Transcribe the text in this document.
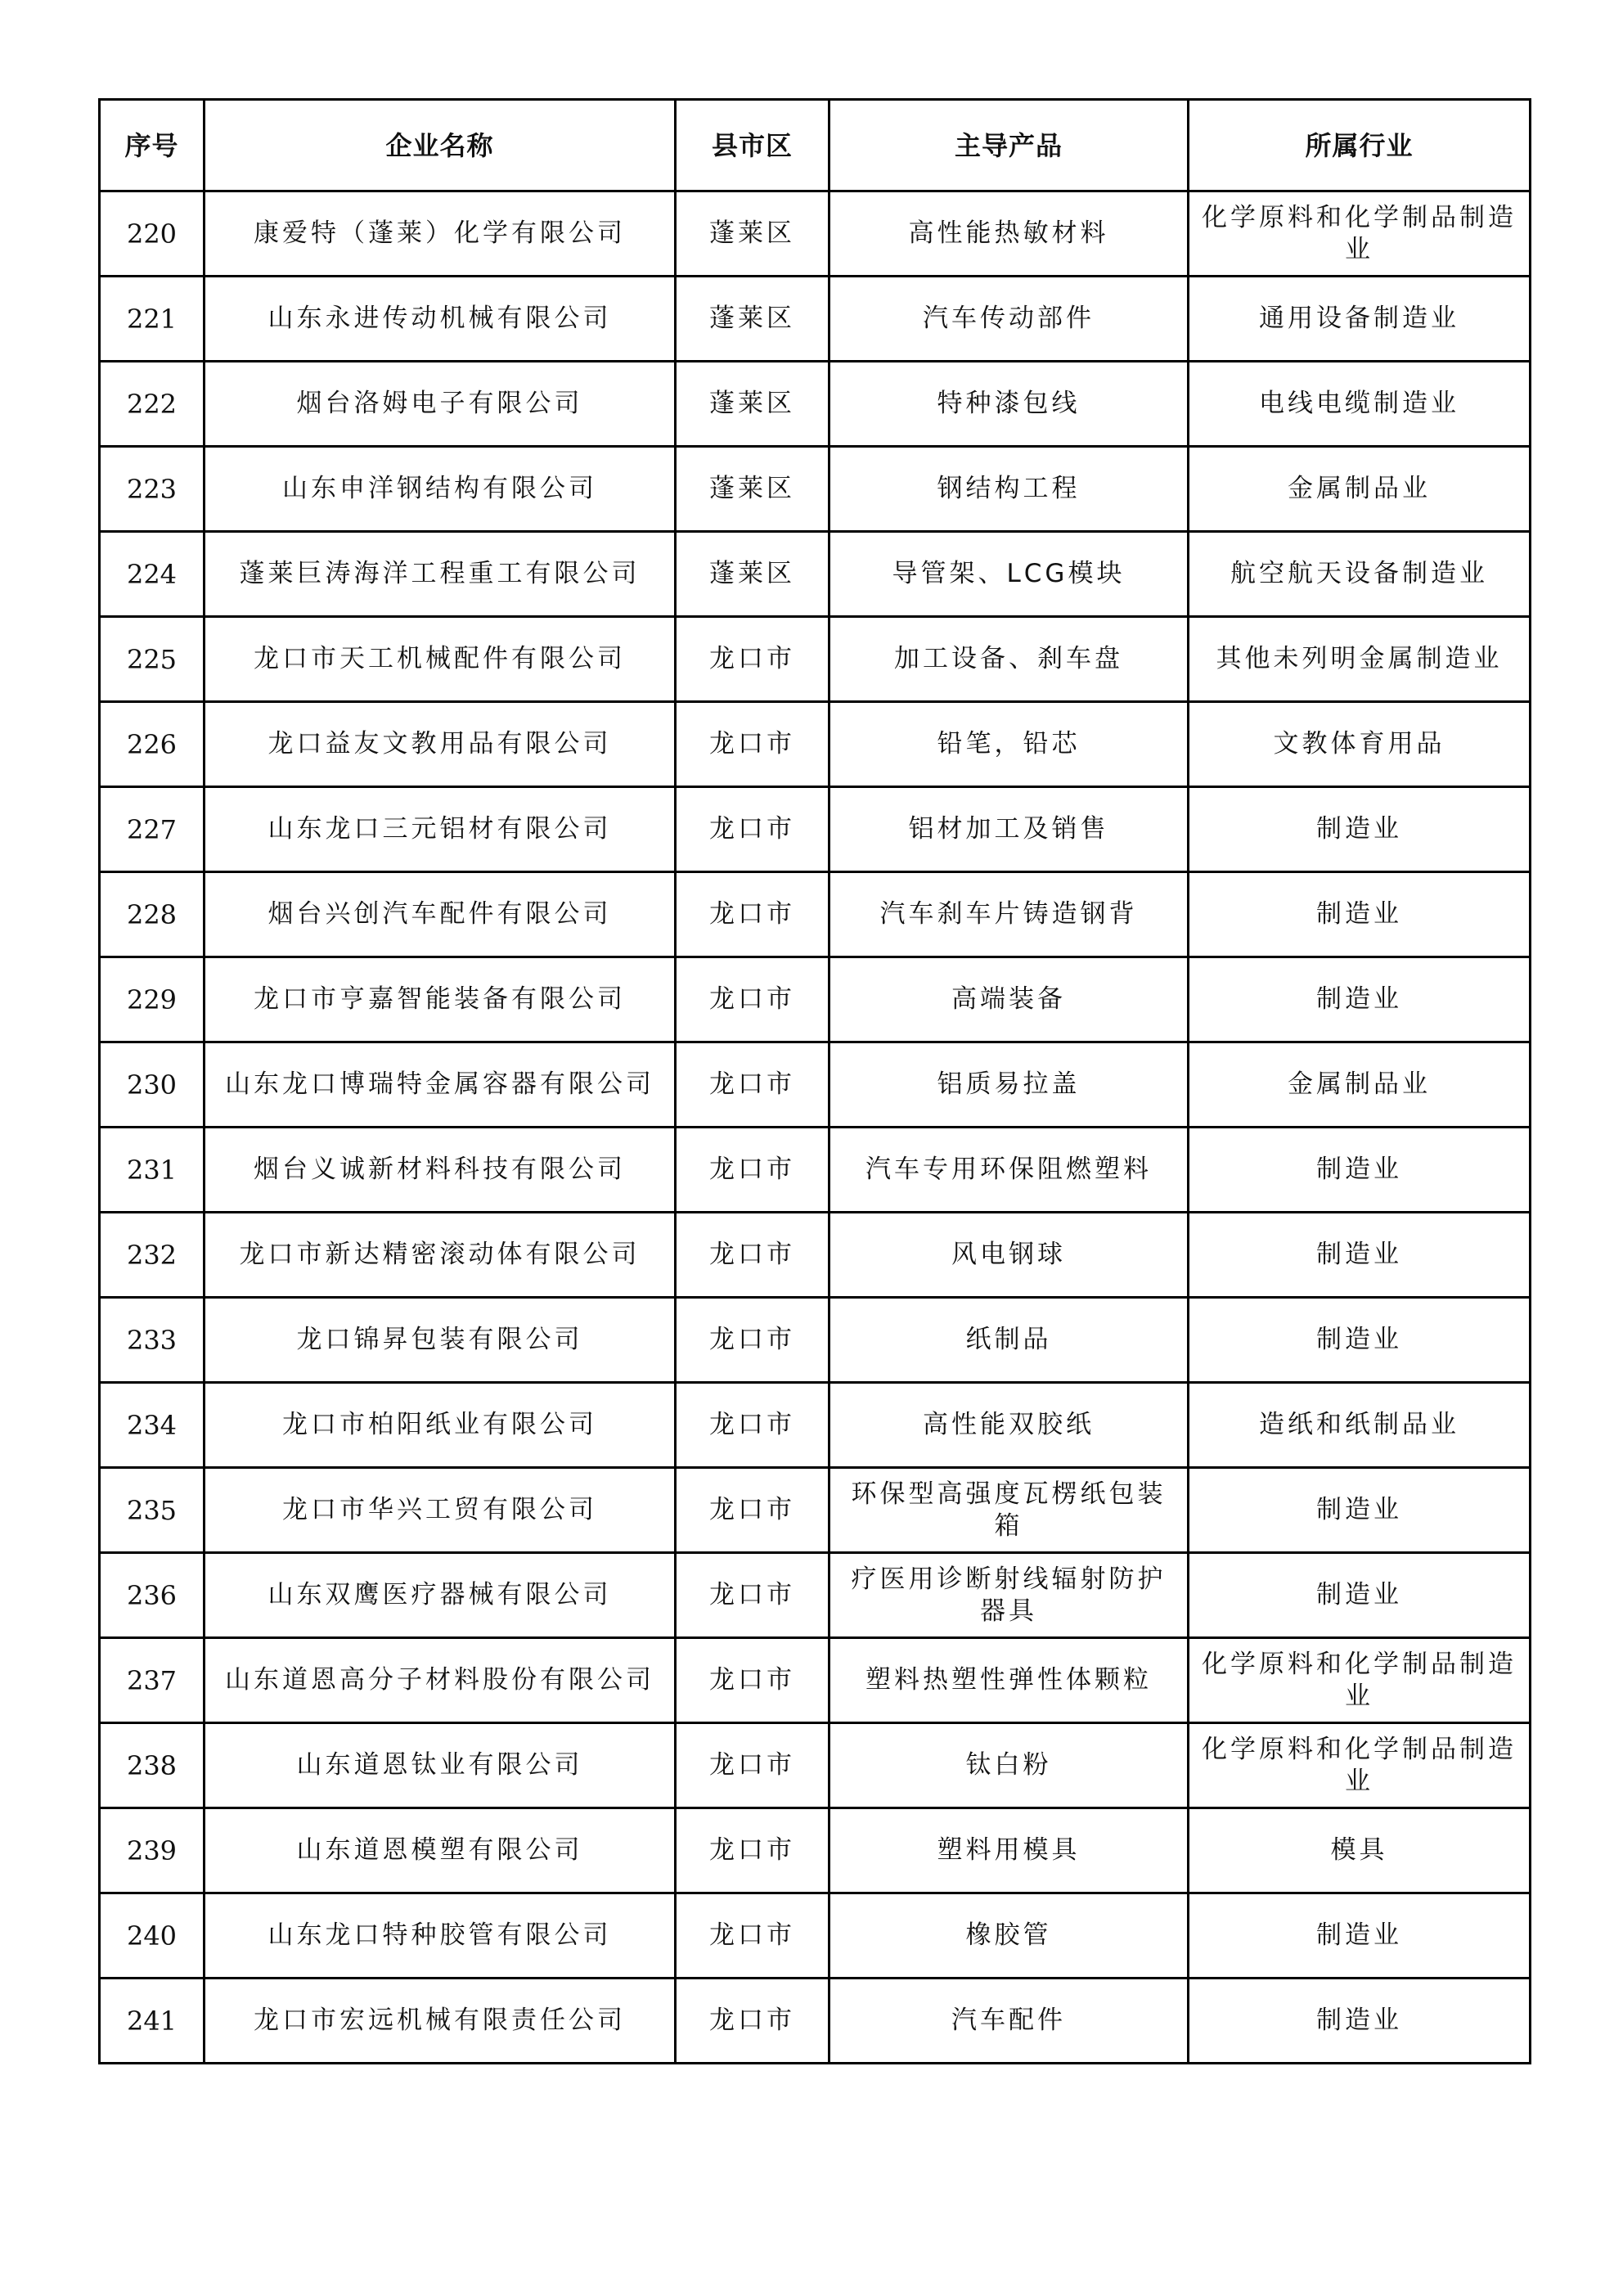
序号	企业名称	县市区	主导产品	所属行业
220	康爱特（蓬莱）化学有限公司	蓬莱区	高性能热敏材料	化学原料和化学制品制造业
221	山东永进传动机械有限公司	蓬莱区	汽车传动部件	通用设备制造业
222	烟台洛姆电子有限公司	蓬莱区	特种漆包线	电线电缆制造业
223	山东申洋钢结构有限公司	蓬莱区	钢结构工程	金属制品业
224	蓬莱巨涛海洋工程重工有限公司	蓬莱区	导管架、LCG模块	航空航天设备制造业
225	龙口市天工机械配件有限公司	龙口市	加工设备、刹车盘	其他未列明金属制造业
226	龙口益友文教用品有限公司	龙口市	铅笔，铅芯	文教体育用品
227	山东龙口三元铝材有限公司	龙口市	铝材加工及销售	制造业
228	烟台兴创汽车配件有限公司	龙口市	汽车刹车片铸造钢背	制造业
229	龙口市亨嘉智能装备有限公司	龙口市	高端装备	制造业
230	山东龙口博瑞特金属容器有限公司	龙口市	铝质易拉盖	金属制品业
231	烟台义诚新材料科技有限公司	龙口市	汽车专用环保阻燃塑料	制造业
232	龙口市新达精密滚动体有限公司	龙口市	风电钢球	制造业
233	龙口锦昇包装有限公司	龙口市	纸制品	制造业
234	龙口市柏阳纸业有限公司	龙口市	高性能双胶纸	造纸和纸制品业
235	龙口市华兴工贸有限公司	龙口市	环保型高强度瓦楞纸包装箱	制造业
236	山东双鹰医疗器械有限公司	龙口市	疗医用诊断射线辐射防护器具	制造业
237	山东道恩高分子材料股份有限公司	龙口市	塑料热塑性弹性体颗粒	化学原料和化学制品制造业
238	山东道恩钛业有限公司	龙口市	钛白粉	化学原料和化学制品制造业
239	山东道恩模塑有限公司	龙口市	塑料用模具	模具
240	山东龙口特种胶管有限公司	龙口市	橡胶管	制造业
241	龙口市宏远机械有限责任公司	龙口市	汽车配件	制造业
